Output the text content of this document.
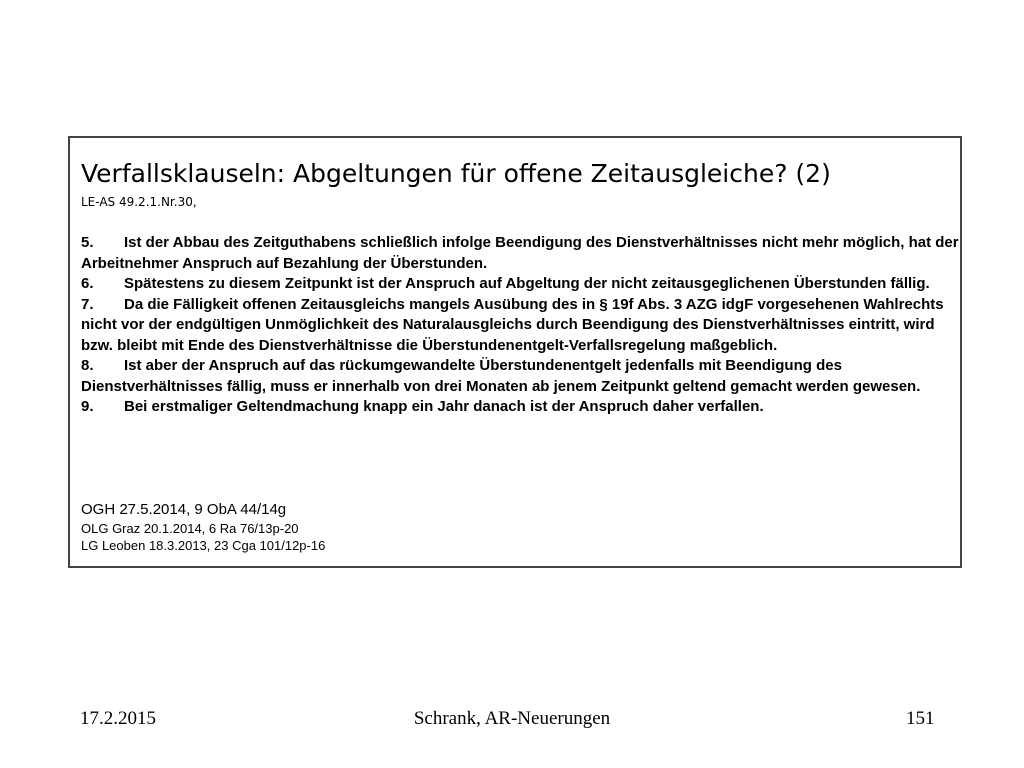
Verfallsklauseln: Abgeltungen für offene Zeitausgleiche? (2)
LE-AS 49.2.1.Nr.30,

5. Ist der Abbau des Zeitguthabens schließlich infolge Beendigung des Dienstverhältnisses nicht mehr möglich, hat der Arbeitnehmer Anspruch auf Bezahlung der Überstunden.

6. Spätestens zu diesem Zeitpunkt ist der Anspruch auf Abgeltung der nicht zeitausgeglichenen Überstunden fällig.

7. Da die Fälligkeit offenen Zeitausgleichs mangels Ausübung des in § 19f Abs. 3 AZG idgF vorgesehenen Wahlrechts nicht vor der endgültigen Unmöglichkeit des Naturalausgleichs durch Beendigung des Dienstverhältnisses eintritt, wird bzw. bleibt mit Ende des Dienstverhältnisse die Überstundenentgelt-Verfallsregelung maßgeblich.

8. Ist aber der Anspruch auf das rückumgewandelte Überstundenentgelt jedenfalls mit Beendigung des Dienstverhältnisses fällig, muss er innerhalb von drei Monaten ab jenem Zeitpunkt geltend gemacht werden gewesen.

9. Bei erstmaliger Geltendmachung knapp ein Jahr danach ist der Anspruch daher verfallen.

OGH 27.5.2014, 9 ObA 44/14g
OLG Graz 20.1.2014, 6 Ra 76/13p-20
LG Leoben 18.3.2013, 23 Cga 101/12p-16
17.2.2015	Schrank, AR-Neuerungen	151
